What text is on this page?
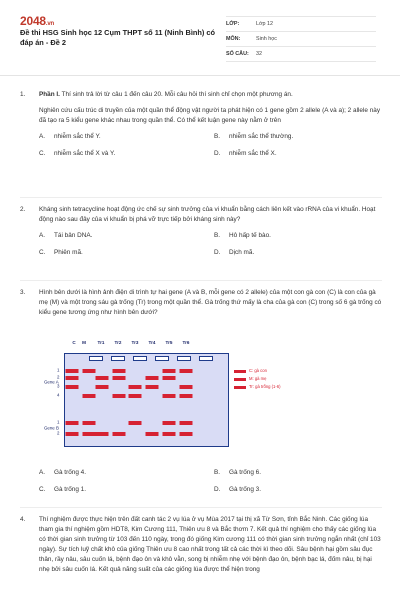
2048.vn
Đề thi HSG Sinh học 12 Cụm THPT số 11 (Ninh Bình) có đáp án - Đề 2
LỚP:	Lớp 12
MÔN:	Sinh học
SỐ CÂU:	32
1. Phần I. Thí sinh trả lời từ câu 1 đến câu 20. Mỗi câu hỏi thí sinh chỉ chọn một phương án.

Nghiên cứu cấu trúc di truyền của một quần thể động vật người ta phát hiện có 1 gene gồm 2 allele (A và a); 2 allele này đã tạo ra 5 kiểu gene khác nhau trong quần thể. Có thể kết luận gene này nằm ở trên

A.	nhiễm sắc thể Y.	B.	nhiễm sắc thể thường.
C.	nhiễm sắc thể X và Y.	D.	nhiễm sắc thể X.
2. Kháng sinh tetracycline hoạt động ức chế sự sinh trưởng của vi khuẩn bằng cách liên kết vào rRNA của vi khuẩn. Hoạt động nào sau đây của vi khuẩn bị phá vỡ trực tiếp bởi kháng sinh này?

A.	Tái bản DNA.	B.	Hô hấp tế bào.
C.	Phiên mã.	D.	Dịch mã.
3. Hình bên dưới là hình ảnh điện di trình tự hai gene (A và B, mỗi gene có 2 allele) của một con gà con (C) là con của gà mẹ (M) và một trong sáu gà trống (Tr) trong một quần thể. Gà trống thứ mấy là cha của gà con (C) trong số 6 gà trống có kiểu gene tương ứng như hình bên dưới?

Gene A
Gene B
C: gà con
M: gà mẹ
Tr: gà trống (1-6)
C M	Tr1 Tr2 Tr3 Tr4 Tr5 Tr6
1
2
3
4
1
2
A.	Gà trống 4.	B.	Gà trống 6.
C.	Gà trống 1.	D.	Gà trống 3.
4. Thí nghiệm được thực hiện trên đất canh tác 2 vụ lúa ở vụ Mùa 2017 tại thị xã Từ Sơn, tỉnh Bắc Ninh. Các giống lúa tham gia thí nghiệm gồm HDT8, Kim Cương 111, Thiên ưu 8 và Bắc thơm 7. Kết quả thí nghiệm cho thấy các giống lúa có thời gian sinh trưởng từ 103 đến 110 ngày, trong đó giống Kim cương 111 có thời gian sinh trưởng ngắn nhất (chỉ 103 ngày). Sự tích luỹ chất khô của giống Thiên ưu 8 cao nhất trong tất cả các thời kì theo dõi. Sâu bệnh hại gồm sâu đục thân, rầy nâu, sâu cuốn lá, bệnh đạo ôn và khô vằn, song bị nhiễm nhẹ với bệnh đạo ôn, bệnh bạc lá, đốm nâu, bị hại nhẹ bởi sâu cuốn lá. Kết quả năng suất của các giống lúa được thể hiện trong
